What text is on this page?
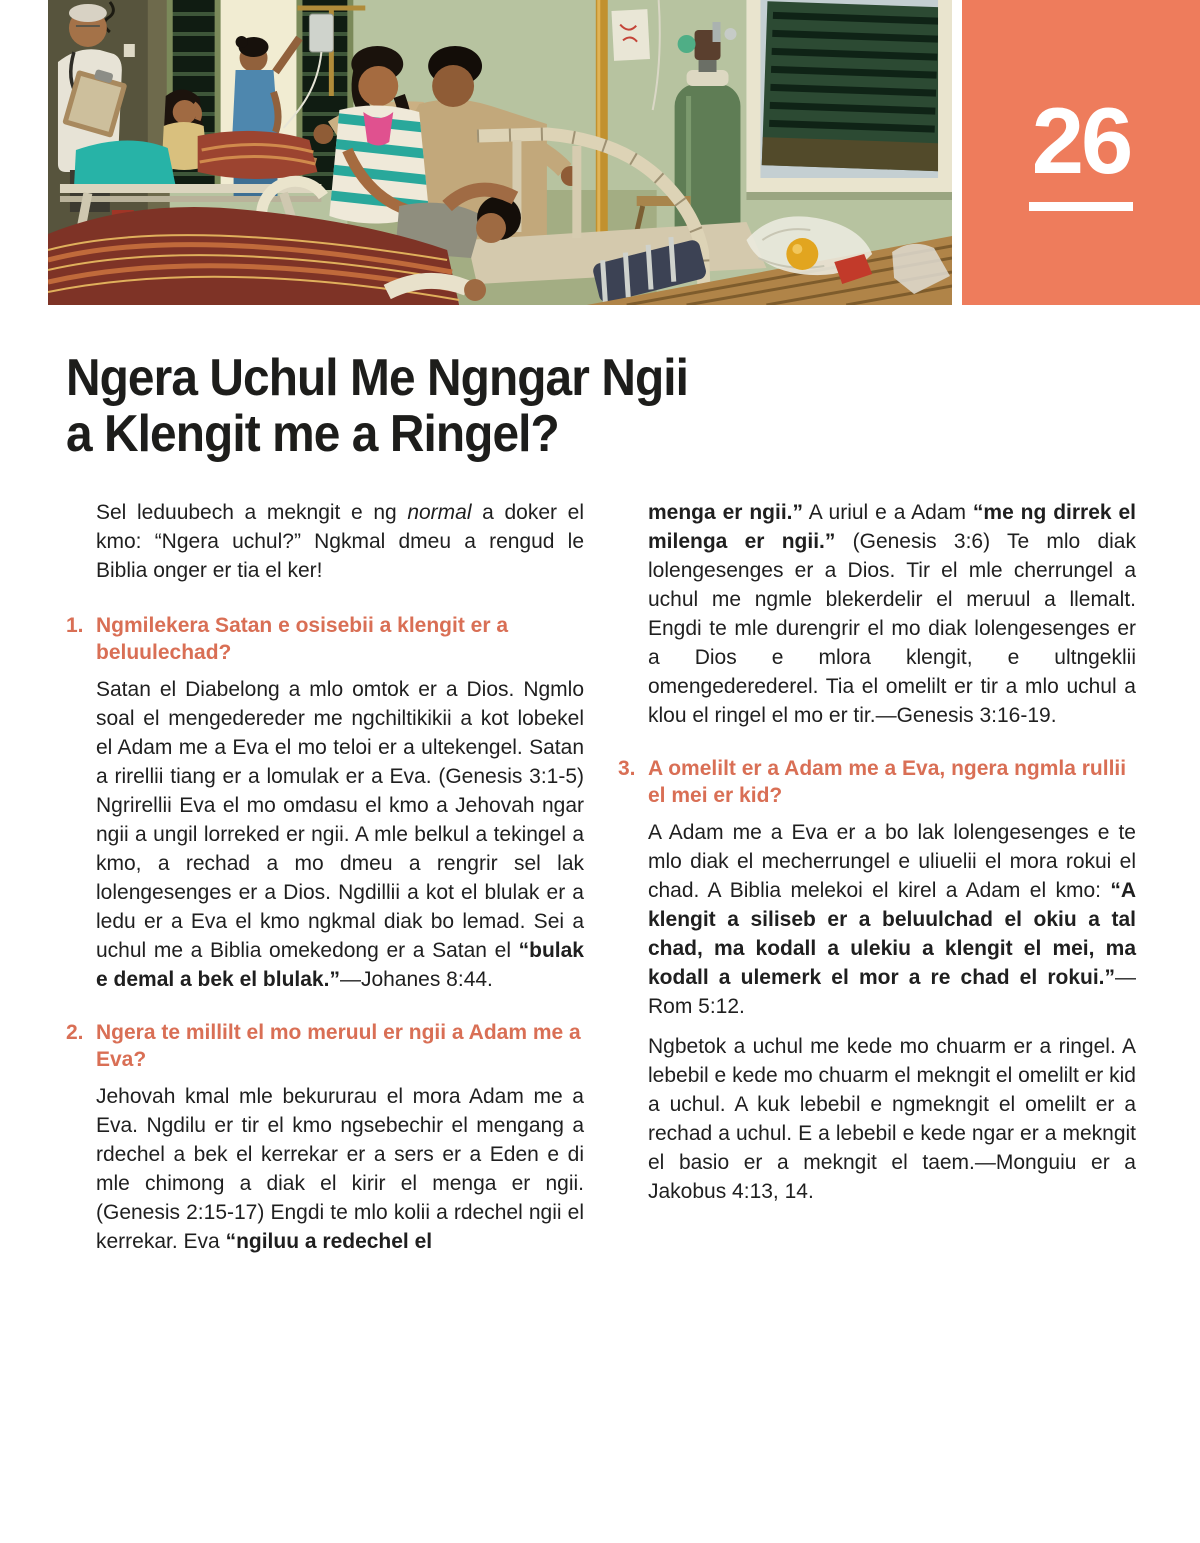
26
Ngera Uchul Me Ngngar Ngii
a Klengit me a Ringel?

Sel leduubech a mekngit e ng normal a doker el kmo: “Ngera uchul?” Ngkmal dmeu a rengud le Biblia onger er tia el ker!

1. Ngmilekera Satan e osisebii a klengit er a beluulechad?

Satan el Diabelong a mlo omtok er a Dios. Ngmlo soal el mengedereder me ngchiltikikii a kot lobekel el Adam me a Eva el mo teloi er a ultekengel. Satan a rirellii tiang er a lomulak er a Eva. (Genesis 3:1-5) Ngrirellii Eva el mo omdasu el kmo a Jehovah ngar ngii a ungil lorreked er ngii. A mle belkul a tekingel a kmo, a rechad a mo dmeu a rengrir sel lak lolengesenges er a Dios. Ngdillii a kot el blulak er a ledu er a Eva el kmo ngkmal diak bo lemad. Sei a uchul me a Biblia omekedong er a Satan el “bulak e demal a bek el blulak.”—Johanes 8:44.

2. Ngera te millilt el mo meruul er ngii a Adam me a Eva?

Jehovah kmal mle bekururau el mora Adam me a Eva. Ngdilu er tir el kmo ngsebechir el mengang a rdechel a bek el kerrekar er a sers er a Eden e di mle chimong a diak el kirir el menga er ngii. (Genesis 2:15-17) Engdi te mlo kolii a rdechel ngii el kerrekar. Eva “ngiluu a redechel el

menga er ngii.” A uriul e a Adam “me ng dirrek el milenga er ngii.” (Genesis 3:6) Te mlo diak lolengesenges er a Dios. Tir el mle cherrungel a uchul me ngmle blekerdelir el meruul a llemalt. Engdi te mle durengrir el mo diak lolengesenges er a Dios e mlora klengit, e ultngeklii omengederederel. Tia el omelilt er tir a mlo uchul a klou el ringel el mo er tir.—Genesis 3:16-19.

3. A omelilt er a Adam me a Eva, ngera ngmla rullii el mei er kid?

A Adam me a Eva er a bo lak lolengesenges e te mlo diak el mecherrungel e uliuelii el mora rokui el chad. A Biblia melekoi el kirel a Adam el kmo: “A klengit a siliseb er a beluulchad el okiu a tal chad, ma kodall a ulekiu a klengit el mei, ma kodall a ulemerk el mor a re chad el rokui.”—Rom 5:12.

Ngbetok a uchul me kede mo chuarm er a ringel. A lebebil e kede mo chuarm el mekngit el omelilt er kid a uchul. A kuk lebebil e ngmekngit el omelilt er a rechad a uchul. E a lebebil e kede ngar er a mekngit el basio er a mekngit el taem.—Monguiu er a Jakobus 4:13, 14.
